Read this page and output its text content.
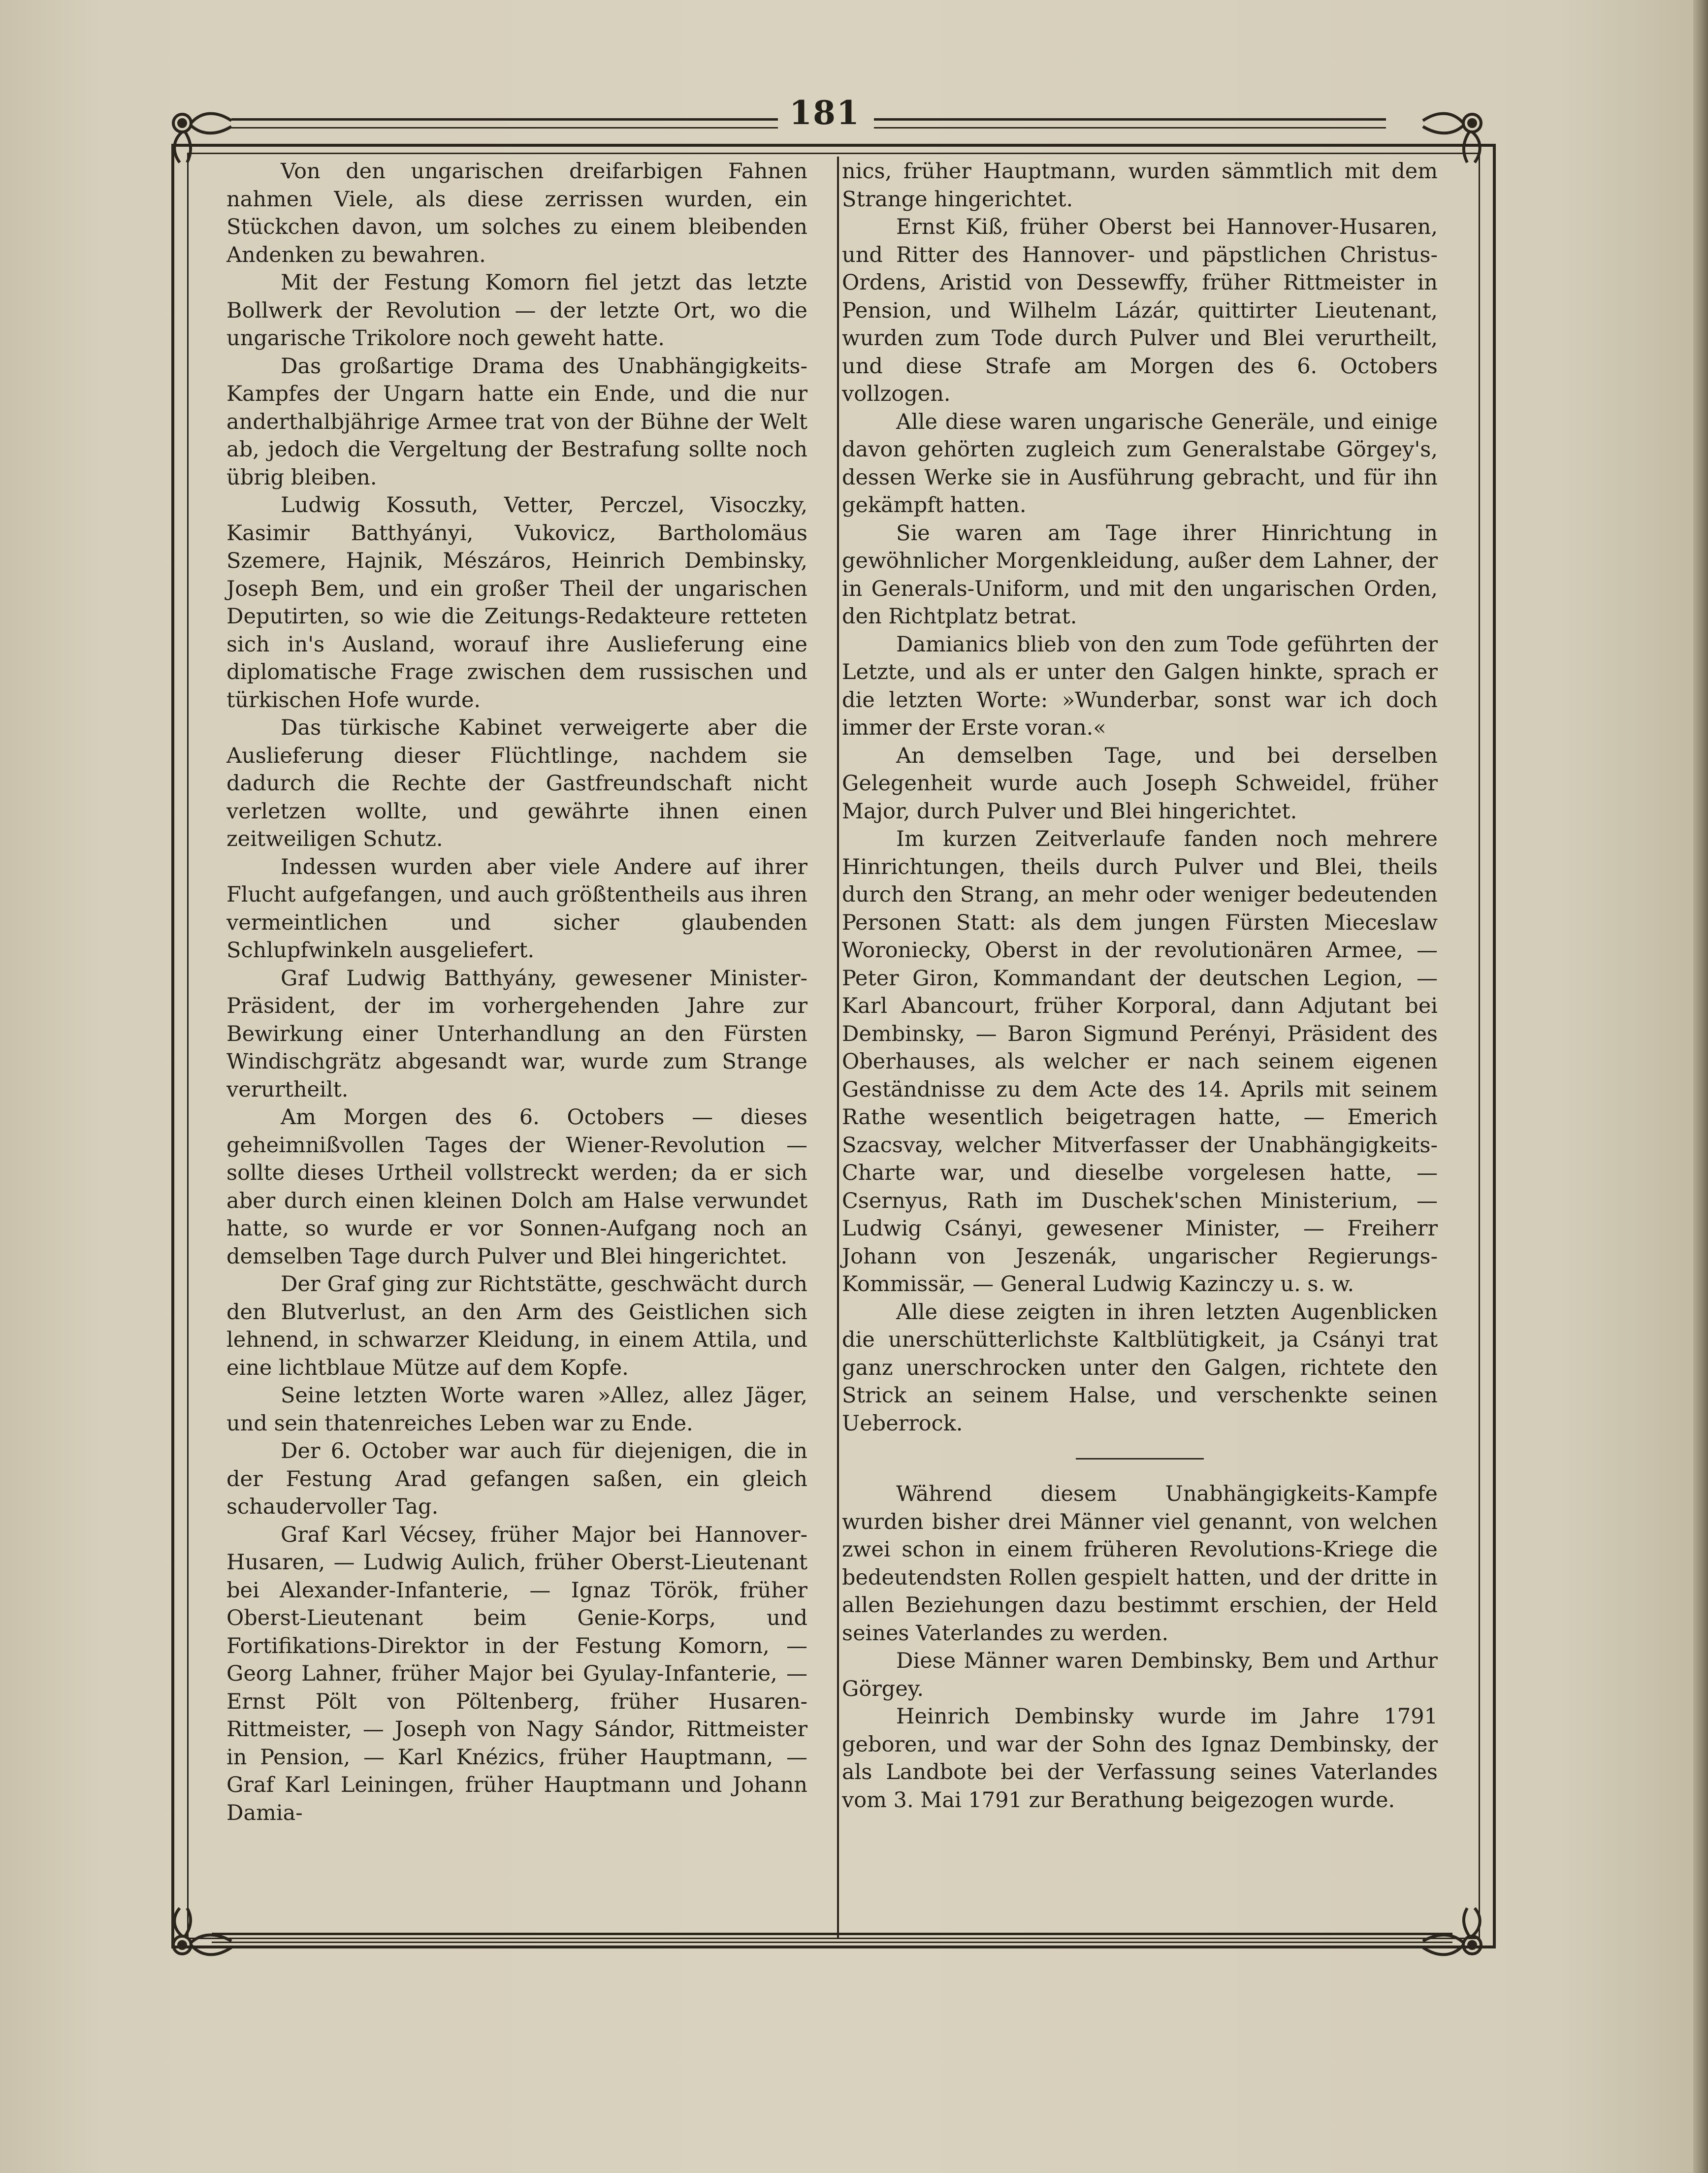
181

Von den ungarischen dreifarbigen Fahnen nahmen Viele, als diese zerrissen wurden, ein Stückchen davon, um solches zu einem bleibenden Andenken zu bewahren.

Mit der Festung Komorn fiel jetzt das letzte Bollwerk der Revolution — der letzte Ort, wo die ungarische Trikolore noch geweht hatte.

Das großartige Drama des Unabhängigkeits-Kampfes der Ungarn hatte ein Ende, und die nur anderthalbjährige Armee trat von der Bühne der Welt ab, jedoch die Vergeltung der Bestrafung sollte noch übrig bleiben.

Ludwig Kossuth, Vetter, Perczel, Visoczky, Kasimir Batthyányi, Vukovicz, Bartholomäus Szemere, Hajnik, Mészáros, Heinrich Dembinsky, Joseph Bem, und ein großer Theil der ungarischen Deputirten, so wie die Zeitungs-Redakteure retteten sich in's Ausland, worauf ihre Auslieferung eine diplomatische Frage zwischen dem russischen und türkischen Hofe wurde.

Das türkische Kabinet verweigerte aber die Auslieferung dieser Flüchtlinge, nachdem sie dadurch die Rechte der Gastfreundschaft nicht verletzen wollte, und gewährte ihnen einen zeitweiligen Schutz.

Indessen wurden aber viele Andere auf ihrer Flucht aufgefangen, und auch größtentheils aus ihren vermeintlichen und sicher glaubenden Schlupfwinkeln ausgeliefert.

Graf Ludwig Batthyány, gewesener Minister-Präsident, der im vorhergehenden Jahre zur Bewirkung einer Unterhandlung an den Fürsten Windischgrätz abgesandt war, wurde zum Strange verurtheilt.

Am Morgen des 6. Octobers — dieses geheimnißvollen Tages der Wiener-Revolution — sollte dieses Urtheil vollstreckt werden; da er sich aber durch einen kleinen Dolch am Halse verwundet hatte, so wurde er vor Sonnen-Aufgang noch an demselben Tage durch Pulver und Blei hingerichtet.

Der Graf ging zur Richtstätte, geschwächt durch den Blutverlust, an den Arm des Geistlichen sich lehnend, in schwarzer Kleidung, in einem Attila, und eine lichtblaue Mütze auf dem Kopfe.

Seine letzten Worte waren »Allez, allez Jäger, und sein thatenreiches Leben war zu Ende.

Der 6. October war auch für diejenigen, die in der Festung Arad gefangen saßen, ein gleich schaudervoller Tag.

Graf Karl Vécsey, früher Major bei Hannover-Husaren, — Ludwig Aulich, früher Oberst-Lieutenant bei Alexander-Infanterie, — Ignaz Török, früher Oberst-Lieutenant beim Genie-Korps, und Fortifikations-Direktor in der Festung Komorn, — Georg Lahner, früher Major bei Gyulay-Infanterie, — Ernst Pölt von Pöltenberg, früher Husaren-Rittmeister, — Joseph von Nagy Sándor, Rittmeister in Pension, — Karl Knézics, früher Hauptmann, — Graf Karl Leiningen, früher Hauptmann und Johann Damia-

nics, früher Hauptmann, wurden sämmtlich mit dem Strange hingerichtet.

Ernst Kiß, früher Oberst bei Hannover-Husaren, und Ritter des Hannover- und päpstlichen Christus-Ordens, Aristid von Dessewffy, früher Rittmeister in Pension, und Wilhelm Lázár, quittirter Lieutenant, wurden zum Tode durch Pulver und Blei verurtheilt, und diese Strafe am Morgen des 6. Octobers vollzogen.

Alle diese waren ungarische Generäle, und einige davon gehörten zugleich zum Generalstabe Görgey's, dessen Werke sie in Ausführung gebracht, und für ihn gekämpft hatten.

Sie waren am Tage ihrer Hinrichtung in gewöhnlicher Morgenkleidung, außer dem Lahner, der in Generals-Uniform, und mit den ungarischen Orden, den Richtplatz betrat.

Damianics blieb von den zum Tode geführten der Letzte, und als er unter den Galgen hinkte, sprach er die letzten Worte: »Wunderbar, sonst war ich doch immer der Erste voran.«

An demselben Tage, und bei derselben Gelegenheit wurde auch Joseph Schweidel, früher Major, durch Pulver und Blei hingerichtet.

Im kurzen Zeitverlaufe fanden noch mehrere Hinrichtungen, theils durch Pulver und Blei, theils durch den Strang, an mehr oder weniger bedeutenden Personen Statt: als dem jungen Fürsten Mieceslaw Woroniecky, Oberst in der revolutionären Armee, — Peter Giron, Kommandant der deutschen Legion, — Karl Abancourt, früher Korporal, dann Adjutant bei Dembinsky, — Baron Sigmund Perényi, Präsident des Oberhauses, als welcher er nach seinem eigenen Geständnisse zu dem Acte des 14. Aprils mit seinem Rathe wesentlich beigetragen hatte, — Emerich Szacsvay, welcher Mitverfasser der Unabhängigkeits-Charte war, und dieselbe vorgelesen hatte, — Csernyus, Rath im Duschek'schen Ministerium, — Ludwig Csányi, gewesener Minister, — Freiherr Johann von Jeszenák, ungarischer Regierungs-Kommissär, — General Ludwig Kazinczy u. s. w.

Alle diese zeigten in ihren letzten Augenblicken die unerschütterlichste Kaltblütigkeit, ja Csányi trat ganz unerschrocken unter den Galgen, richtete den Strick an seinem Halse, und verschenkte seinen Ueberrock.

Während diesem Unabhängigkeits-Kampfe wurden bisher drei Männer viel genannt, von welchen zwei schon in einem früheren Revolutions-Kriege die bedeutendsten Rollen gespielt hatten, und der dritte in allen Beziehungen dazu bestimmt erschien, der Held seines Vaterlandes zu werden.

Diese Männer waren Dembinsky, Bem und Arthur Görgey.

Heinrich Dembinsky wurde im Jahre 1791 geboren, und war der Sohn des Ignaz Dembinsky, der als Landbote bei der Verfassung seines Vaterlandes vom 3. Mai 1791 zur Berathung beigezogen wurde.
